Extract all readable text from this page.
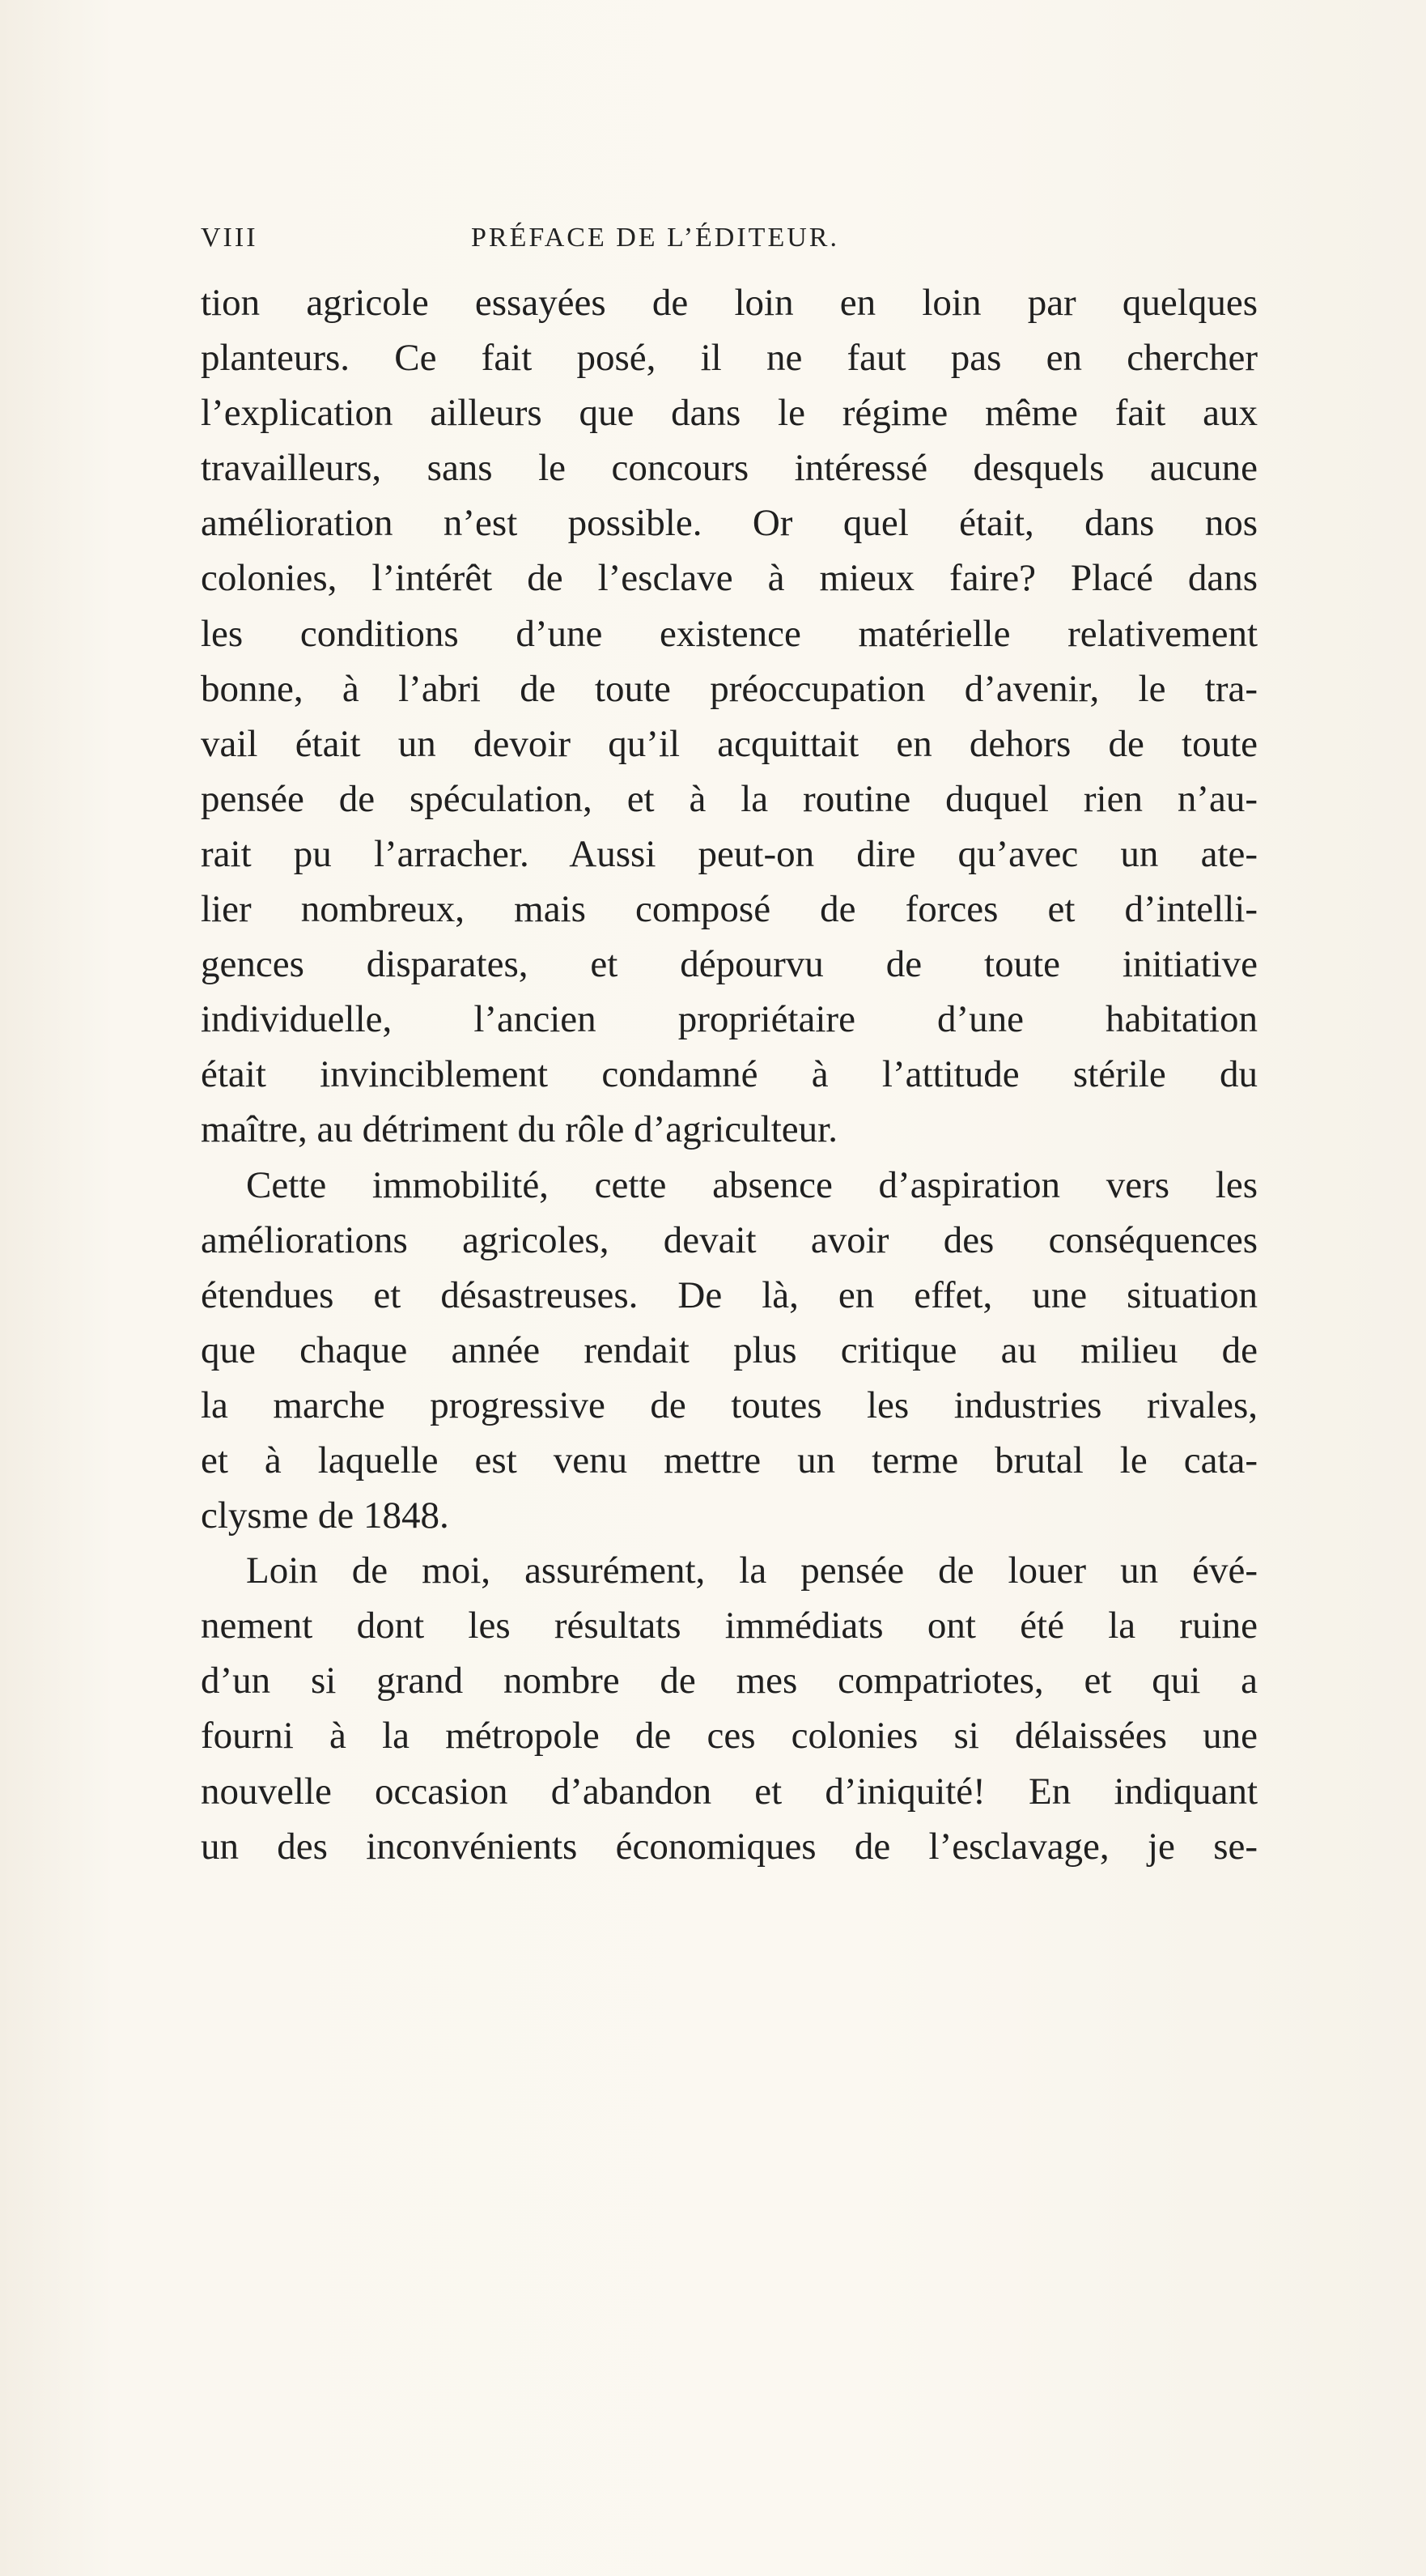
VIII	PRÉFACE DE L’ÉDITEUR.
tion agricole essayées de loin en loin par quelques
planteurs. Ce fait posé, il ne faut pas en chercher
l’explication ailleurs que dans le régime même fait aux
travailleurs, sans le concours intéressé desquels aucune
amélioration n’est possible. Or quel était, dans nos
colonies, l’intérêt de l’esclave à mieux faire? Placé dans
les conditions d’une existence matérielle relativement
bonne, à l’abri de toute préoccupation d’avenir, le tra-
vail était un devoir qu’il acquittait en dehors de toute
pensée de spéculation, et à la routine duquel rien n’au-
rait pu l’arracher. Aussi peut-on dire qu’avec un ate-
lier nombreux, mais composé de forces et d’intelli-
gences disparates, et dépourvu de toute initiative
individuelle, l’ancien propriétaire d’une habitation
était invinciblement condamné à l’attitude stérile du
maître, au détriment du rôle d’agriculteur.
Cette immobilité, cette absence d’aspiration vers les
améliorations agricoles, devait avoir des conséquences
étendues et désastreuses. De là, en effet, une situation
que chaque année rendait plus critique au milieu de
la marche progressive de toutes les industries rivales,
et à laquelle est venu mettre un terme brutal le cata-
clysme de 1848.
Loin de moi, assurément, la pensée de louer un évé-
nement dont les résultats immédiats ont été la ruine
d’un si grand nombre de mes compatriotes, et qui a
fourni à la métropole de ces colonies si délaissées une
nouvelle occasion d’abandon et d’iniquité! En indiquant
un des inconvénients économiques de l’esclavage, je se-
